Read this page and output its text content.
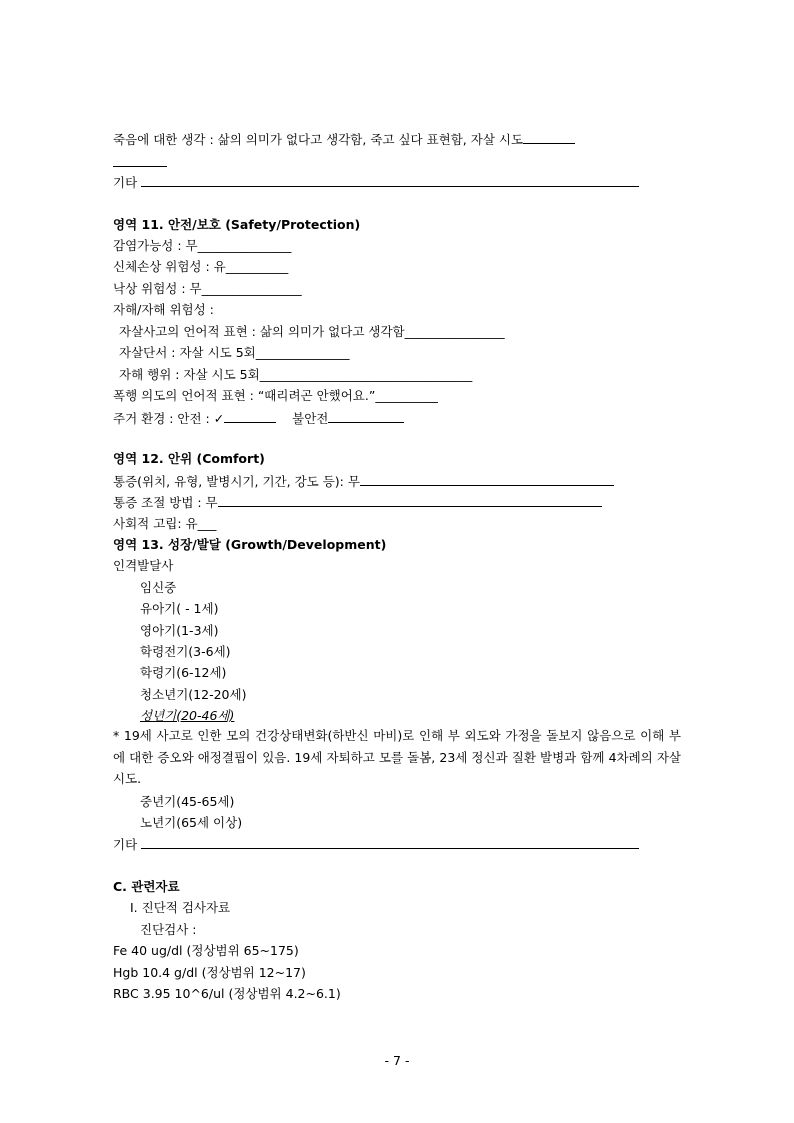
죽음에 대한 생각 : 삶의 의미가 없다고 생각함, 죽고 싶다 표현함, 자살 시도
기타
영역 11. 안전/보호 (Safety/Protection)
감염가능성 : 무_______________
신체손상 위험성 : 유__________
낙상 위험성 : 무________________
자해/자해 위험성 :
자살사고의 언어적 표현 : 삶의 의미가 없다고 생각함________________
자살단서 : 자살 시도 5회_______________
자해 행위 : 자살 시도 5회__________________________________
폭행 의도의 언어적 표현 : “때리려곤 안했어요.”__________
주거 환경 : 안전 : ✓	불안전
영역 12. 안위 (Comfort)
통증(위치, 유형, 발병시기, 기간, 강도 등): 무
통증 조절 방법 : 무
사회적 고립: 유___
영역 13. 성장/발달 (Growth/Development)
인격발달사
임신중
유아기( - 1세)
영아기(1-3세)
학령전기(3-6세)
학령기(6-12세)
청소년기(12-20세)
성년기(20-46세)
* 19세 사고로 인한 모의 건강상태변화(하반신 마비)로 인해 부 외도와 가정을 돌보지 않음으로 이해 부에 대한 증오와 애정결핍이 있음. 19세 자퇴하고 모를 돌봄, 23세 정신과 질환 발병과 함께 4차례의 자살시도.
중년기(45-65세)
노년기(65세 이상)
기타
C. 관련자료
Ⅰ. 진단적 검사자료
진단검사 :
Fe 40 ug/dl (정상범위 65~175)
Hgb 10.4 g/dl (정상범위 12~17)
RBC 3.95 10^6/ul (정상범위 4.2~6.1)
- 7 -
